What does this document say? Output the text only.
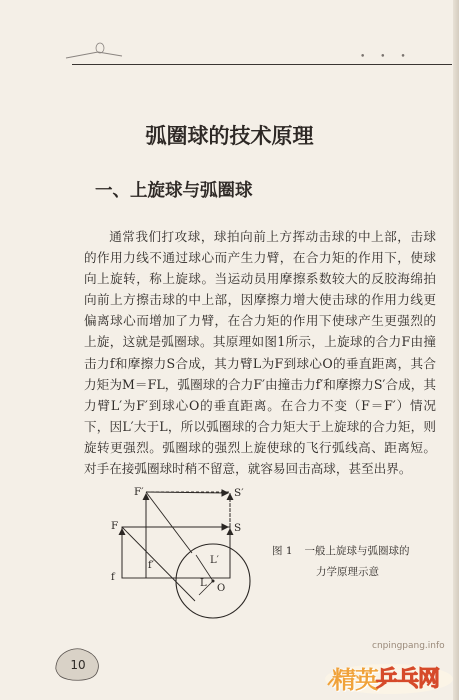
• • •
弧圈球的技术原理
一、上旋球与弧圈球

通常我们打攻球，球拍向前上方挥动击球的中上部，击球的作用力线不通过球心而产生力臂，在合力矩的作用下，使球向上旋转，称上旋球。当运动员用摩擦系数较大的反胶海绵拍向前上方擦击球的中上部，因摩擦力增大使击球的作用力线更偏离球心而增加了力臂，在合力矩的作用下使球产生更强烈的上旋，这就是弧圈球。其原理如图1所示，上旋球的合力F由撞击力f和摩擦力S合成，其力臂L为F到球心O的垂直距离，其合力矩为M＝FL，弧圈球的合力F′由撞击力f′和摩擦力S′合成，其力臂L′为F′到球心O的垂直距离。在合力不变（F＝F′）情况下，因L′大于L，所以弧圈球的合力矩大于上旋球的合力矩，则旋转更强烈。弧圈球的强烈上旋使球的飞行弧线高、距离短。对手在接弧圈球时稍不留意，就容易回击高球，甚至出界。

F′	S′
F	S
L′
L O
f′
f
图 1 一般上旋球与弧圈球的
力学原理示意
10
cnpingpang.info
精英
乒乓网
